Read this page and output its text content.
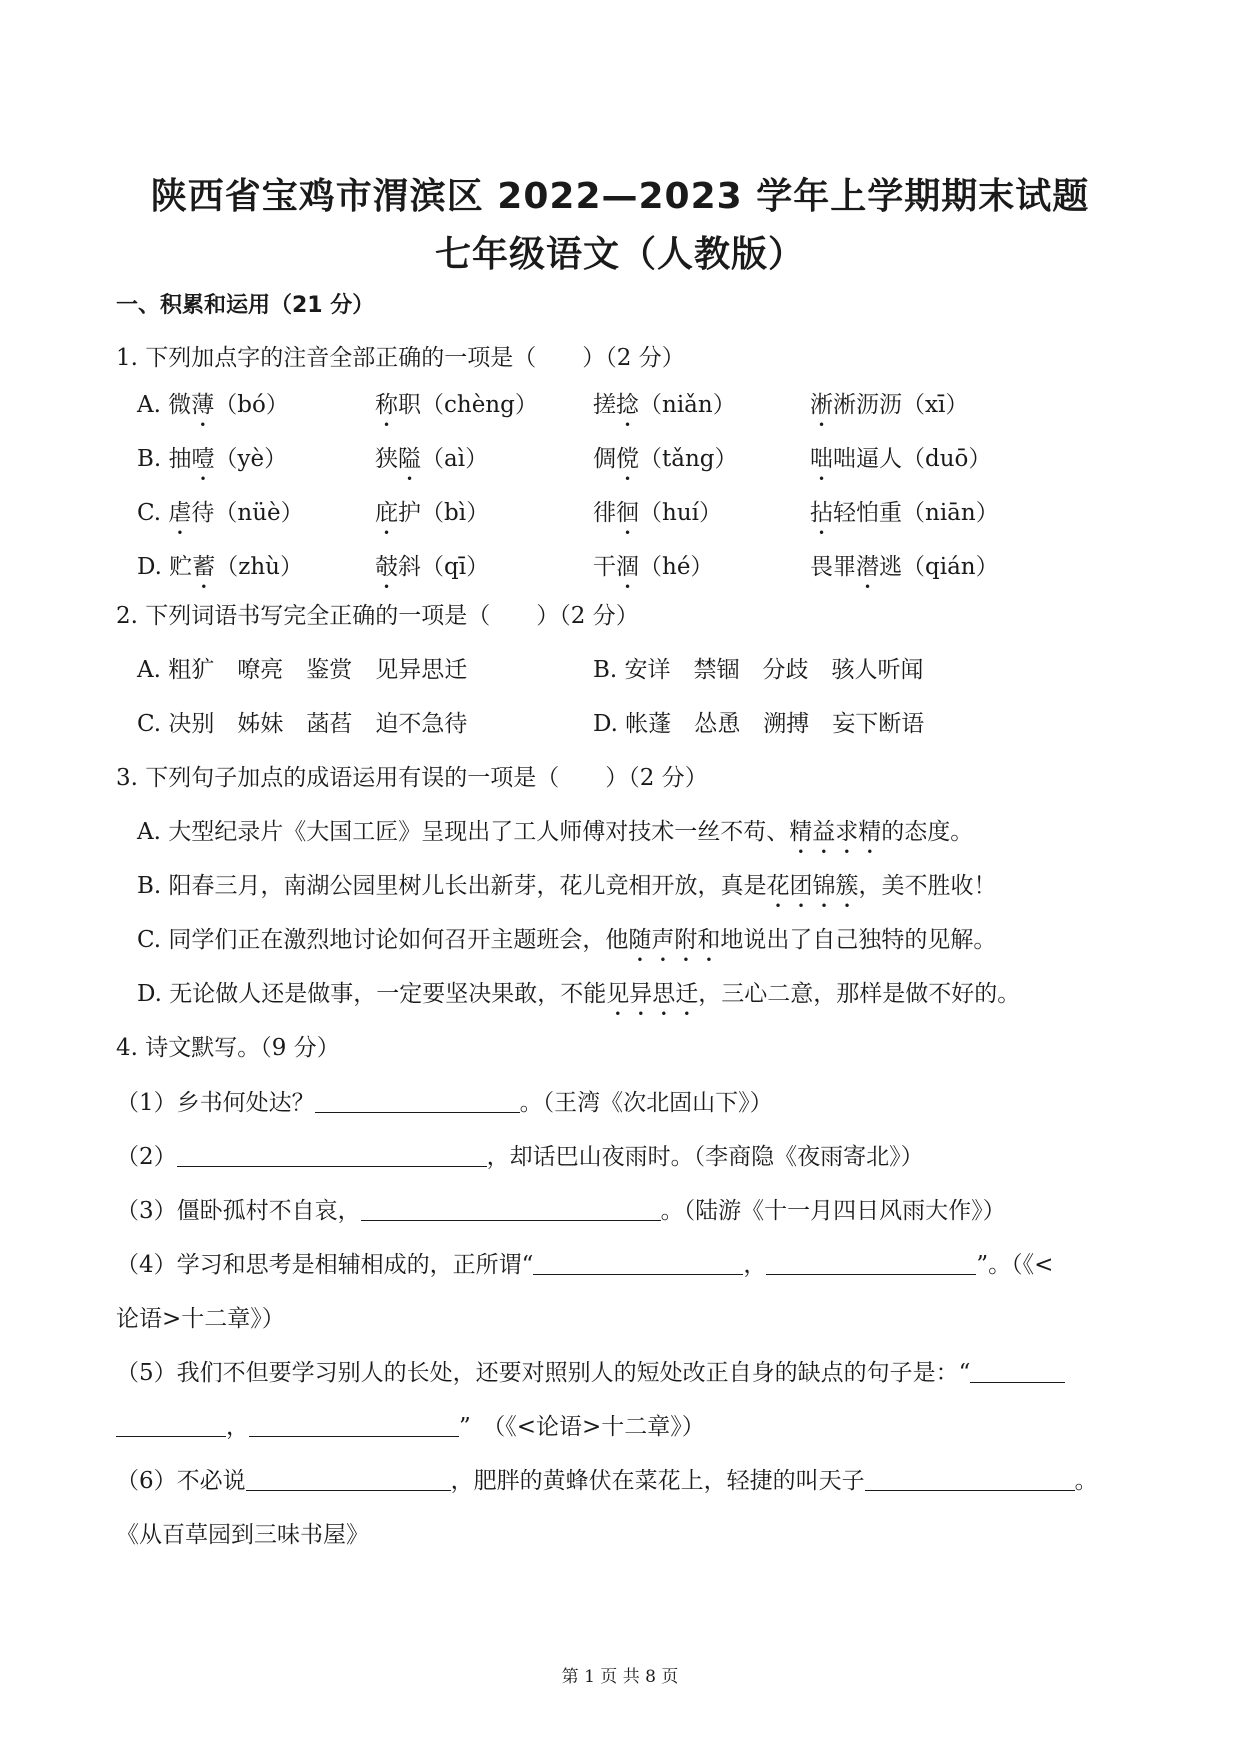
陕西省宝鸡市渭滨区 2022—2023 学年上学期期末试题
七年级语文（人教版）
一、积累和运用（21 分）
1. 下列加点字的注音全部正确的一项是（　　）（2 分）
A. 微薄（bó）	称职（chèng） 搓捻（niǎn）	淅淅沥沥（xī）
B. 抽噎（yè）	狭隘（aì）	倜傥（tǎng）	咄咄逼人（duō）
C. 虐待（nüè）	庇护（bì）	徘徊（huí）	拈轻怕重（niān）
D. 贮蓄（zhù）	攲斜（qī）	干涸（hé）	畏罪潜逃（qián）
2. 下列词语书写完全正确的一项是（　　）（2 分）
A. 粗犷　嘹亮　鉴赏　见异思迁	B. 安详　禁锢　分歧　骇人听闻
C. 决别　姊妹　菡萏　迫不急待	D. 帐蓬　怂恿　溯搏　妄下断语
3. 下列句子加点的成语运用有误的一项是（　　）（2 分）
A. 大型纪录片《大国工匠》呈现出了工人师傅对技术一丝不苟、精益求精的态度。
B. 阳春三月，南湖公园里树儿长出新芽，花儿竞相开放，真是花团锦簇，美不胜收！
C. 同学们正在激烈地讨论如何召开主题班会，他随声附和地说出了自己独特的见解。
D. 无论做人还是做事，一定要坚决果敢，不能见异思迁，三心二意，那样是做不好的。
4. 诗文默写。（9 分）
（1）乡书何处达？	。（王湾《次北固山下》）
（2）	，却话巴山夜雨时。（李商隐《夜雨寄北》）
（3）僵卧孤村不自哀，	。（陆游《十一月四日风雨大作》）
（4）学习和思考是相辅相成的，正所谓“	，	”。（《<
论语>十二章》）
（5）我们不但要学习别人的长处，还要对照别人的短处改正自身的缺点的句子是：“
，	”　（《<论语>十二章》）
（6）不必说	，肥胖的黄蜂伏在菜花上，轻捷的叫天子	。
《从百草园到三味书屋》
第 1 页 共 8 页
